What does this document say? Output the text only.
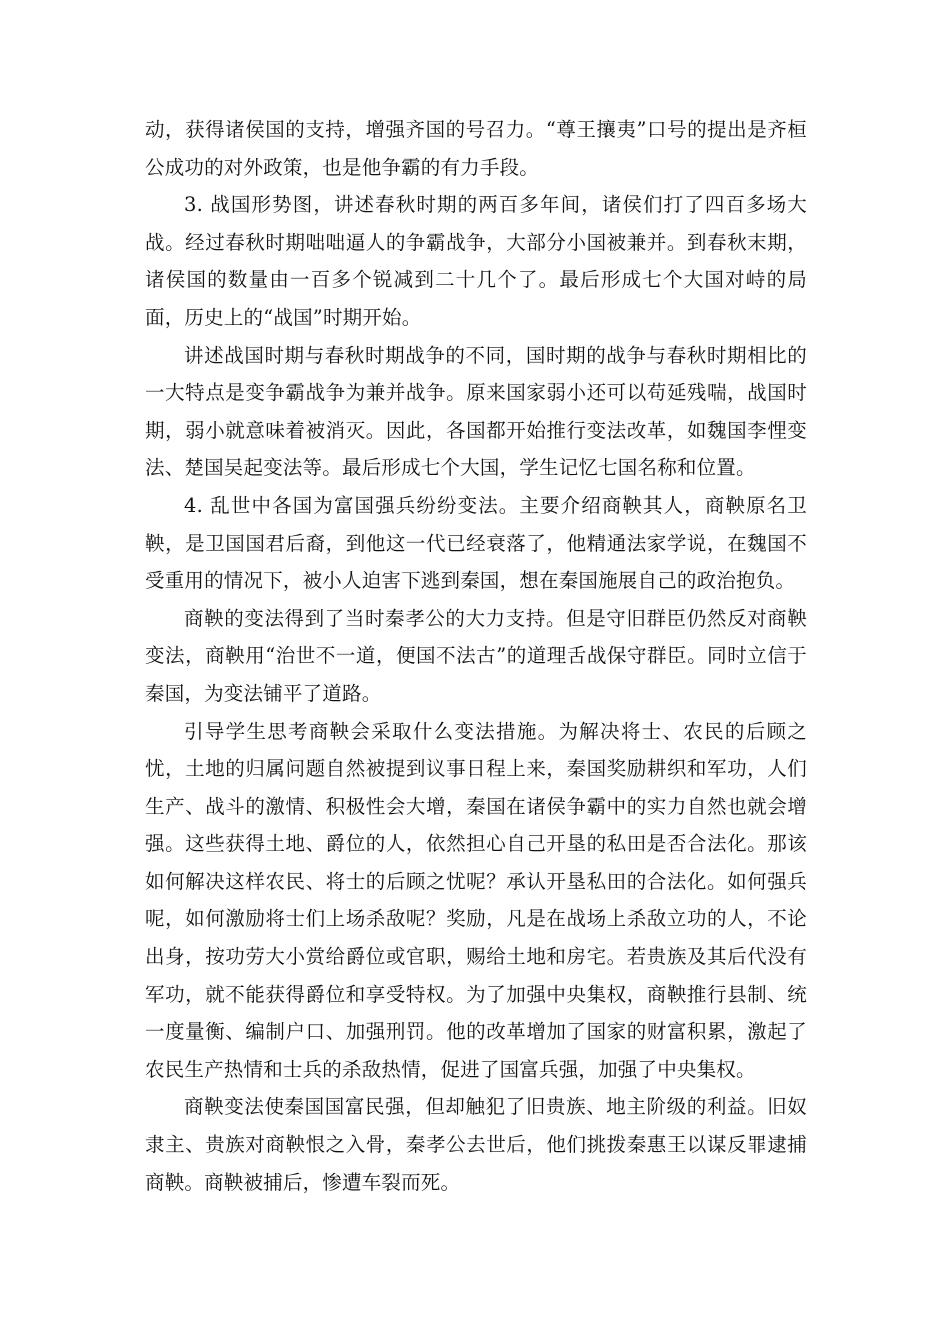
动，获得诸侯国的支持，增强齐国的号召力。“尊王攘夷”口号的提出是齐桓公成功的对外政策，也是他争霸的有力手段。

3. 战国形势图，讲述春秋时期的两百多年间，诸侯们打了四百多场大战。经过春秋时期咄咄逼人的争霸战争，大部分小国被兼并。到春秋末期，诸侯国的数量由一百多个锐减到二十几个了。最后形成七个大国对峙的局面，历史上的“战国”时期开始。

讲述战国时期与春秋时期战争的不同，国时期的战争与春秋时期相比的一大特点是变争霸战争为兼并战争。原来国家弱小还可以苟延残喘，战国时期，弱小就意味着被消灭。因此，各国都开始推行变法改革，如魏国李悝变法、楚国吴起变法等。最后形成七个大国，学生记忆七国名称和位置。

4. 乱世中各国为富国强兵纷纷变法。主要介绍商鞅其人，商鞅原名卫鞅，是卫国国君后裔，到他这一代已经衰落了，他精通法家学说，在魏国不受重用的情况下，被小人迫害下逃到秦国，想在秦国施展自己的政治抱负。

商鞅的变法得到了当时秦孝公的大力支持。但是守旧群臣仍然反对商鞅变法，商鞅用“治世不一道，便国不法古”的道理舌战保守群臣。同时立信于秦国，为变法铺平了道路。

引导学生思考商鞅会采取什么变法措施。为解决将士、农民的后顾之忧，土地的归属问题自然被提到议事日程上来，秦国奖励耕织和军功，人们生产、战斗的激情、积极性会大增，秦国在诸侯争霸中的实力自然也就会增强。这些获得土地、爵位的人，依然担心自己开垦的私田是否合法化。那该如何解决这样农民、将士的后顾之忧呢？承认开垦私田的合法化。如何强兵呢，如何激励将士们上场杀敌呢？奖励，凡是在战场上杀敌立功的人，不论出身，按功劳大小赏给爵位或官职，赐给土地和房宅。若贵族及其后代没有军功，就不能获得爵位和享受特权。为了加强中央集权，商鞅推行县制、统一度量衡、编制户口、加强刑罚。他的改革增加了国家的财富积累，激起了农民生产热情和士兵的杀敌热情，促进了国富兵强，加强了中央集权。

商鞅变法使秦国国富民强，但却触犯了旧贵族、地主阶级的利益。旧奴隶主、贵族对商鞅恨之入骨，秦孝公去世后，他们挑拨秦惠王以谋反罪逮捕商鞅。商鞅被捕后，惨遭车裂而死。
